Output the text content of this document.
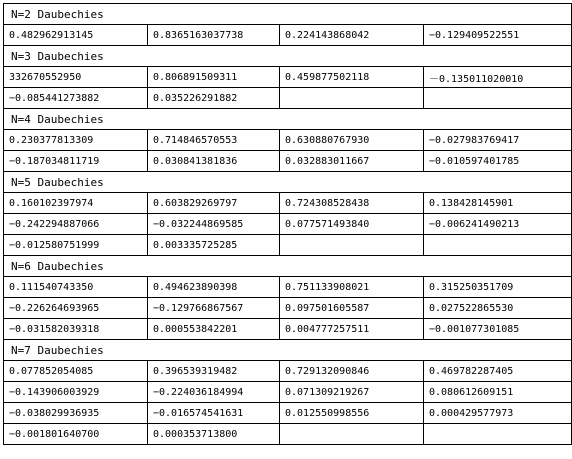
N=2 Daubechies			
0.482962913145	0.8365163037738	0.224143868042	−0.129409522551
N=3 Daubechies			
332670552950	0.806891509311	0.459877502118	－0.135011020010
−0.085441273882	0.035226291882		
N=4 Daubechies			
0.230377813309	0.714846570553	0.630880767930	−0.027983769417
−0.187034811719	0.030841381836	0.032883011667	−0.010597401785
N=5 Daubechies			
0.160102397974	0.603829269797	0.724308528438	0.138428145901
−0.242294887066	−0.032244869585	0.077571493840	−0.006241490213
−0.012580751999	0.003335725285		
N=6 Daubechies			
0.111540743350	0.494623890398	0.751133908021	0.315250351709
−0.226264693965	−0.129766867567	0.097501605587	0.027522865530
−0.031582039318	0.000553842201	0.004777257511	−0.001077301085
N=7 Daubechies			
0.077852054085	0.396539319482	0.729132090846	0.469782287405
−0.143906003929	−0.224036184994	0.071309219267	0.080612609151
−0.038029936935	−0.016574541631	0.012550998556	0.000429577973
−0.001801640700	0.000353713800		
